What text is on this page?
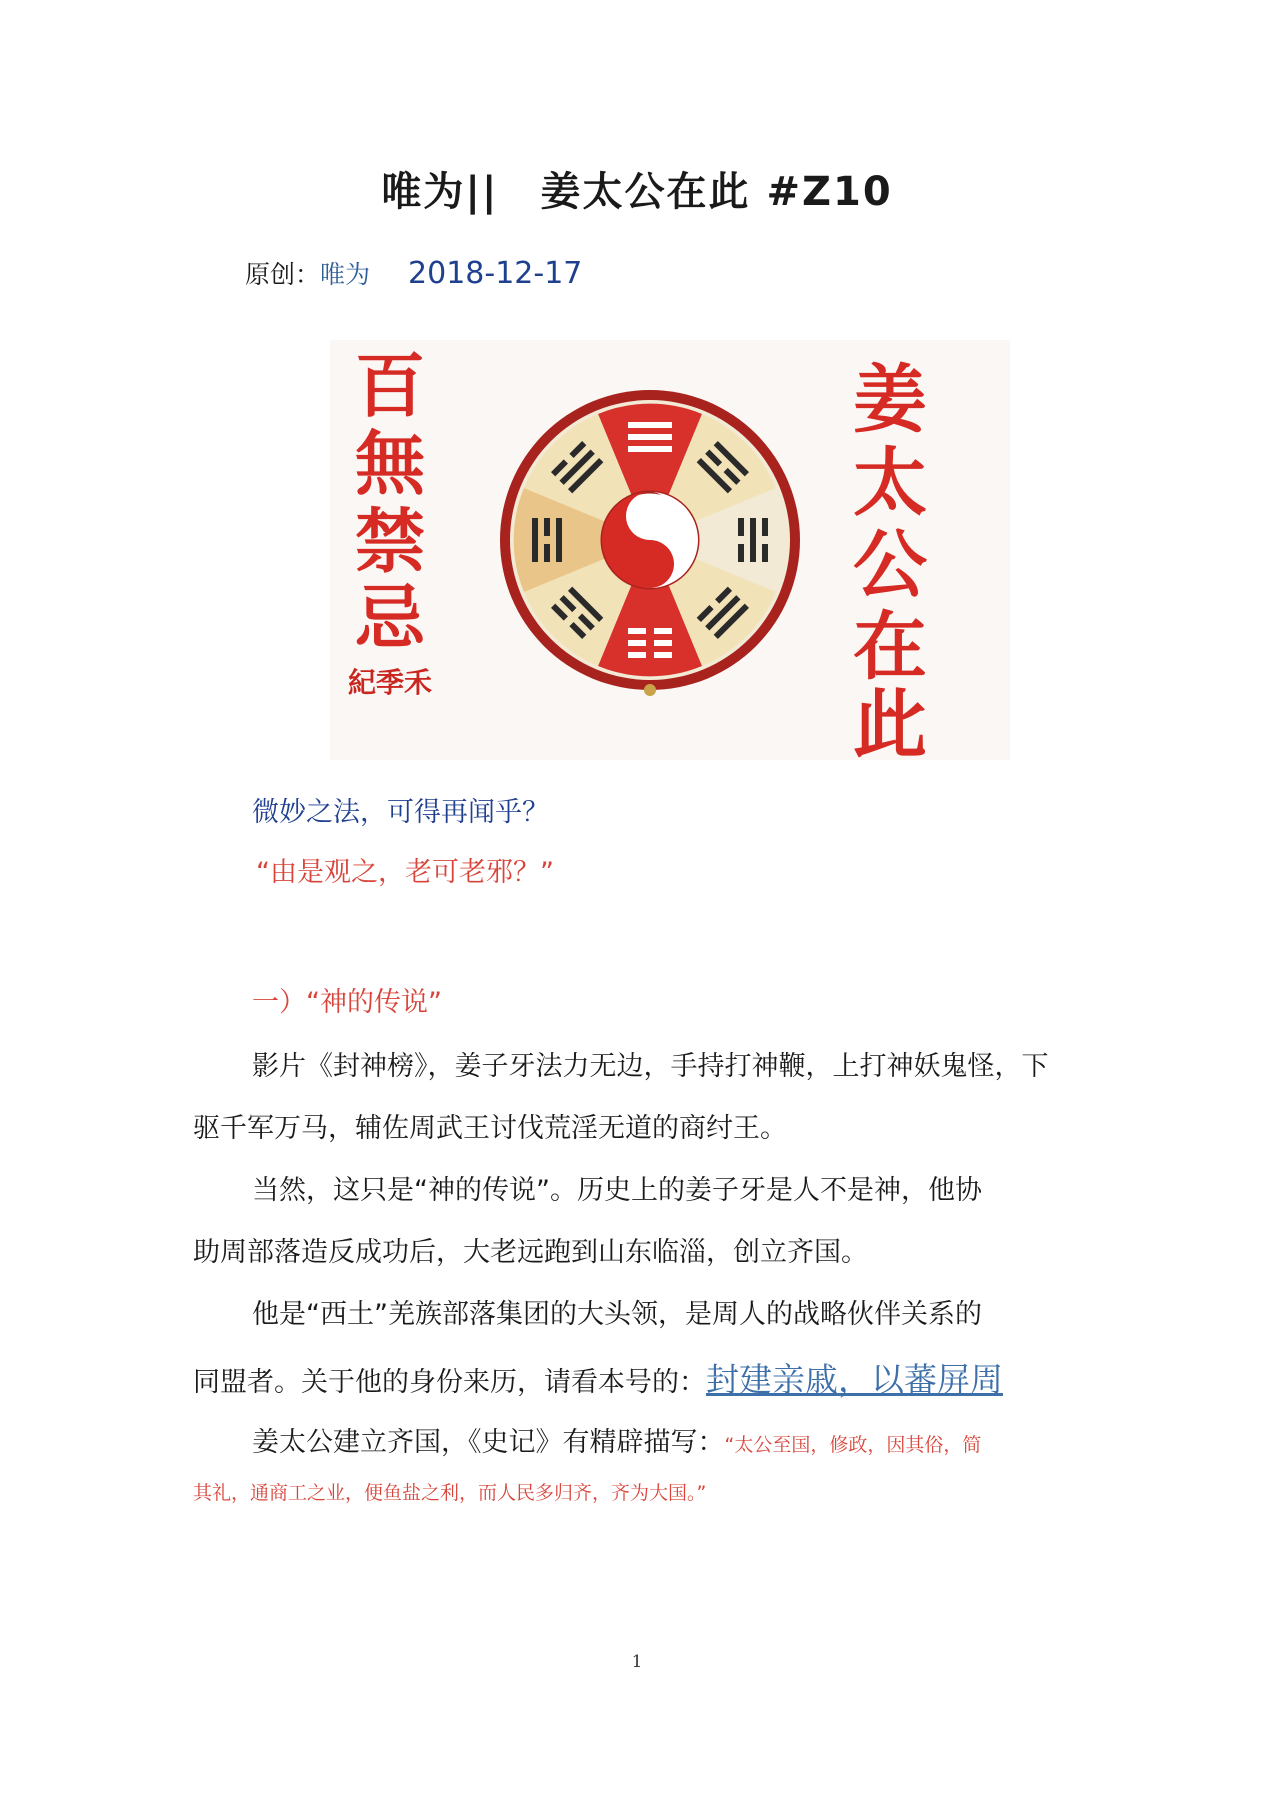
唯为||　姜太公在此 #Z10
原创：唯为 2018-12-17
百
無
禁
忌
紀季禾
姜
太
公
在
此
微妙之法，可得再闻乎？
“由是观之，老可老邪？”
一）“神的传说”
影片《封神榜》，姜子牙法力无边，手持打神鞭，上打神妖鬼怪，下
驱千军万马，辅佐周武王讨伐荒淫无道的商纣王。
当然，这只是“神的传说”。历史上的姜子牙是人不是神，他协
助周部落造反成功后，大老远跑到山东临淄，创立齐国。
他是“西土”羌族部落集团的大头领，是周人的战略伙伴关系的
同盟者。关于他的身份来历，请看本号的：封建亲戚，以蕃屏周
姜太公建立齐国，《史记》有精辟描写：“太公至国，修政，因其俗，简
其礼，通商工之业，便鱼盐之利，而人民多归齐，齐为大国。”
1
